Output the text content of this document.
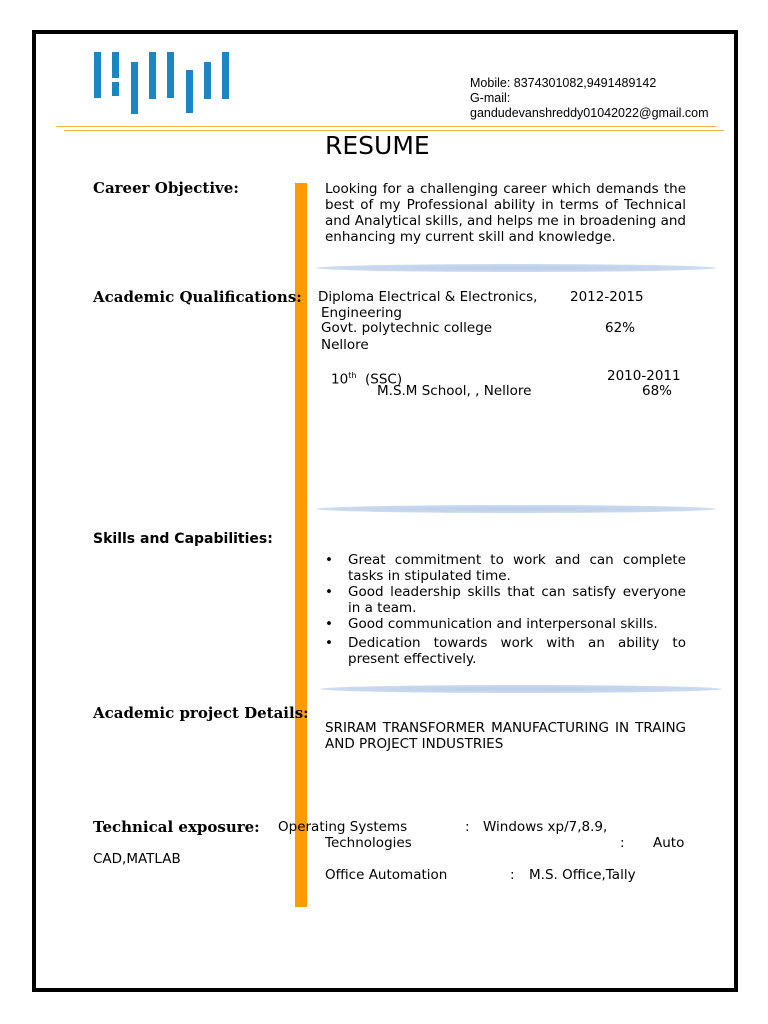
Mobile: 8374301082,9491489142
G-mail:
gandudevanshreddy01042022@gmail.com
RESUME
Career Objective:	Looking for a challenging career which demands the best of my Professional ability in terms of Technical and Analytical skills, and helps me in broadening and enhancing my current skill and knowledge.
Academic Qualifications: Diploma Electrical & Electronics, 2012-2015
Engineering
Govt. polytechnic college	62%
Nellore
10th (SSC)	2010-2011
M.S.M School, , Nellore	68%
Skills and Capabilities:
• Great commitment to work and can complete tasks in stipulated time.
• Good leadership skills that can satisfy everyone in a team.
• Good communication and interpersonal skills.
• Dedication towards work with an ability to present effectively.
Academic project Details:
SRIRAM TRANSFORMER MANUFACTURING IN TRAING AND PROJECT INDUSTRIES
Technical exposure: Operating Systems	: Windows xp/7,8.9,
Technologies	: Auto
CAD,MATLAB
Office Automation	: M.S. Office,Tally
